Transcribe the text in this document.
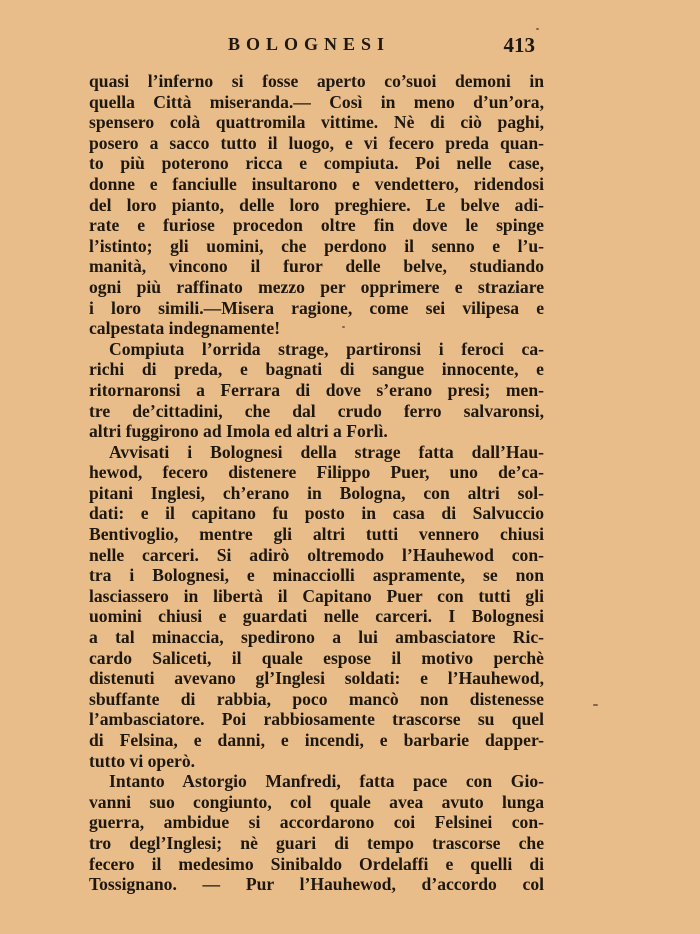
BOLOGNESI	413
quasi l’inferno si fosse aperto co’suoi demoni in
quella Città miseranda.— Così in meno d’un’ora,
spensero colà quattromila vittime. Nè di ciò paghi,
posero a sacco tutto il luogo, e vi fecero preda quan-
to più poterono ricca e compiuta. Poi nelle case,
donne e fanciulle insultarono e vendettero, ridendosi
del loro pianto, delle loro preghiere. Le belve adi-
rate e furiose procedon oltre fin dove le spinge
l’istinto; gli uomini, che perdono il senno e l’u-
manità, vincono il furor delle belve, studiando
ogni più raffinato mezzo per opprimere e straziare
i loro simili.—Misera ragione, come sei vilipesa e
calpestata indegnamente!
Compiuta l’orrida strage, partironsi i feroci ca-
richi di preda, e bagnati di sangue innocente, e
ritornaronsi a Ferrara di dove s’erano presi; men-
tre de’cittadini, che dal crudo ferro salvaronsi,
altri fuggirono ad Imola ed altri a Forlì.
Avvisati i Bolognesi della strage fatta dall’Hau-
hewod, fecero distenere Filippo Puer, uno de’ca-
pitani Inglesi, ch’erano in Bologna, con altri sol-
dati: e il capitano fu posto in casa di Salvuccio
Bentivoglio, mentre gli altri tutti vennero chiusi
nelle carceri. Si adirò oltremodo l’Hauhewod con-
tra i Bolognesi, e minacciolli aspramente, se non
lasciassero in libertà il Capitano Puer con tutti gli
uomini chiusi e guardati nelle carceri. I Bolognesi
a tal minaccia, spedirono a lui ambasciatore Ric-
cardo Saliceti, il quale espose il motivo perchè
distenuti avevano gl’Inglesi soldati: e l’Hauhewod,
sbuffante di rabbia, poco mancò non distenesse
l’ambasciatore. Poi rabbiosamente trascorse su quel
di Felsina, e danni, e incendi, e barbarie dapper-
tutto vi operò.
Intanto Astorgio Manfredi, fatta pace con Gio-
vanni suo congiunto, col quale avea avuto lunga
guerra, ambidue si accordarono coi Felsinei con-
tro degl’Inglesi; nè guari di tempo trascorse che
fecero il medesimo Sinibaldo Ordelaffi e quelli di
Tossignano. — Pur l’Hauhewod, d’accordo col
